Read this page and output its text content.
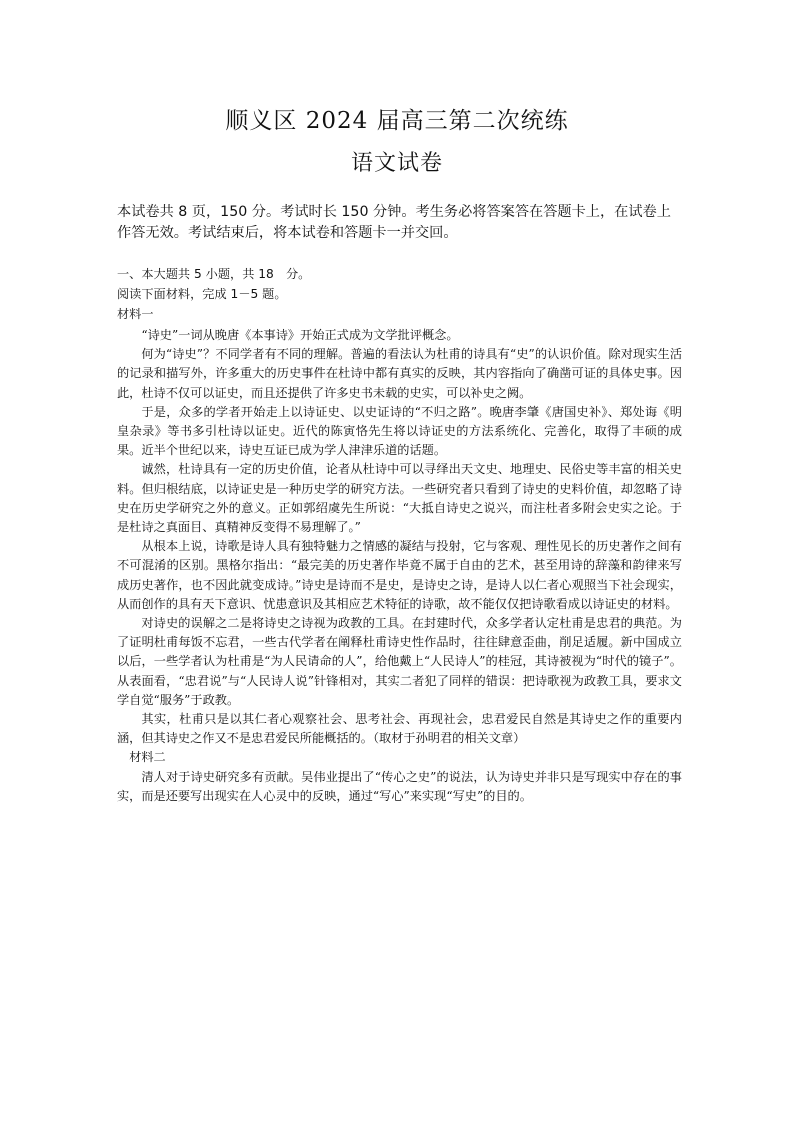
顺义区 2024 届高三第二次统练
语文试卷
本试卷共 8 页，150 分。考试时长 150 分钟。考生务必将答案答在答题卡上，在试卷上作答无效。考试结束后，将本试卷和答题卡一并交回。
一、本大题共 5 小题，共 18　分。
阅读下面材料，完成 1－5 题。
材料一

“诗史”一词从晚唐《本事诗》开始正式成为文学批评概念。

何为“诗史”？不同学者有不同的理解。普遍的看法认为杜甫的诗具有“史”的认识价值。除对现实生活的记录和描写外，许多重大的历史事件在杜诗中都有真实的反映，其内容指向了确凿可证的具体史事。因此，杜诗不仅可以证史，而且还提供了许多史书未载的史实，可以补史之阙。

于是，众多的学者开始走上以诗证史、以史证诗的“不归之路”。晚唐李肇《唐国史补》、郑处诲《明皇杂录》等书多引杜诗以证史。近代的陈寅恪先生将以诗证史的方法系统化、完善化，取得了丰硕的成果。近半个世纪以来，诗史互证已成为学人津津乐道的话题。

诚然，杜诗具有一定的历史价值，论者从杜诗中可以寻绎出天文史、地理史、民俗史等丰富的相关史料。但归根结底，以诗证史是一种历史学的研究方法。一些研究者只看到了诗史的史料价值，却忽略了诗史在历史学研究之外的意义。正如郭绍虞先生所说：“大抵自诗史之说兴，而注杜者多附会史实之论。于是杜诗之真面目、真精神反变得不易理解了。”

从根本上说，诗歌是诗人具有独特魅力之情感的凝结与投射，它与客观、理性见长的历史著作之间有不可混淆的区别。黑格尔指出：“最完美的历史著作毕竟不属于自由的艺术，甚至用诗的辞藻和韵律来写成历史著作，也不因此就变成诗。”诗史是诗而不是史，是诗史之诗，是诗人以仁者心观照当下社会现实，从而创作的具有天下意识、忧患意识及其相应艺术特征的诗歌，故不能仅仅把诗歌看成以诗证史的材料。

对诗史的误解之二是将诗史之诗视为政教的工具。在封建时代，众多学者认定杜甫是忠君的典范。为了证明杜甫每饭不忘君，一些古代学者在阐释杜甫诗史性作品时，往往肆意歪曲，削足适履。新中国成立以后，一些学者认为杜甫是“为人民请命的人”，给他戴上“人民诗人”的桂冠，其诗被视为“时代的镜子”。从表面看，“忠君说”与“人民诗人说”针锋相对，其实二者犯了同样的错误：把诗歌视为政教工具，要求文学自觉“服务”于政教。

其实，杜甫只是以其仁者心观察社会、思考社会、再现社会，忠君爱民自然是其诗史之作的重要内涵，但其诗史之作又不是忠君爱民所能概括的。（取材于孙明君的相关文章）

材料二

清人对于诗史研究多有贡献。吴伟业提出了“传心之史”的说法，认为诗史并非只是写现实中存在的事实，而是还要写出现实在人心灵中的反映，通过“写心”来实现“写史”的目的。
